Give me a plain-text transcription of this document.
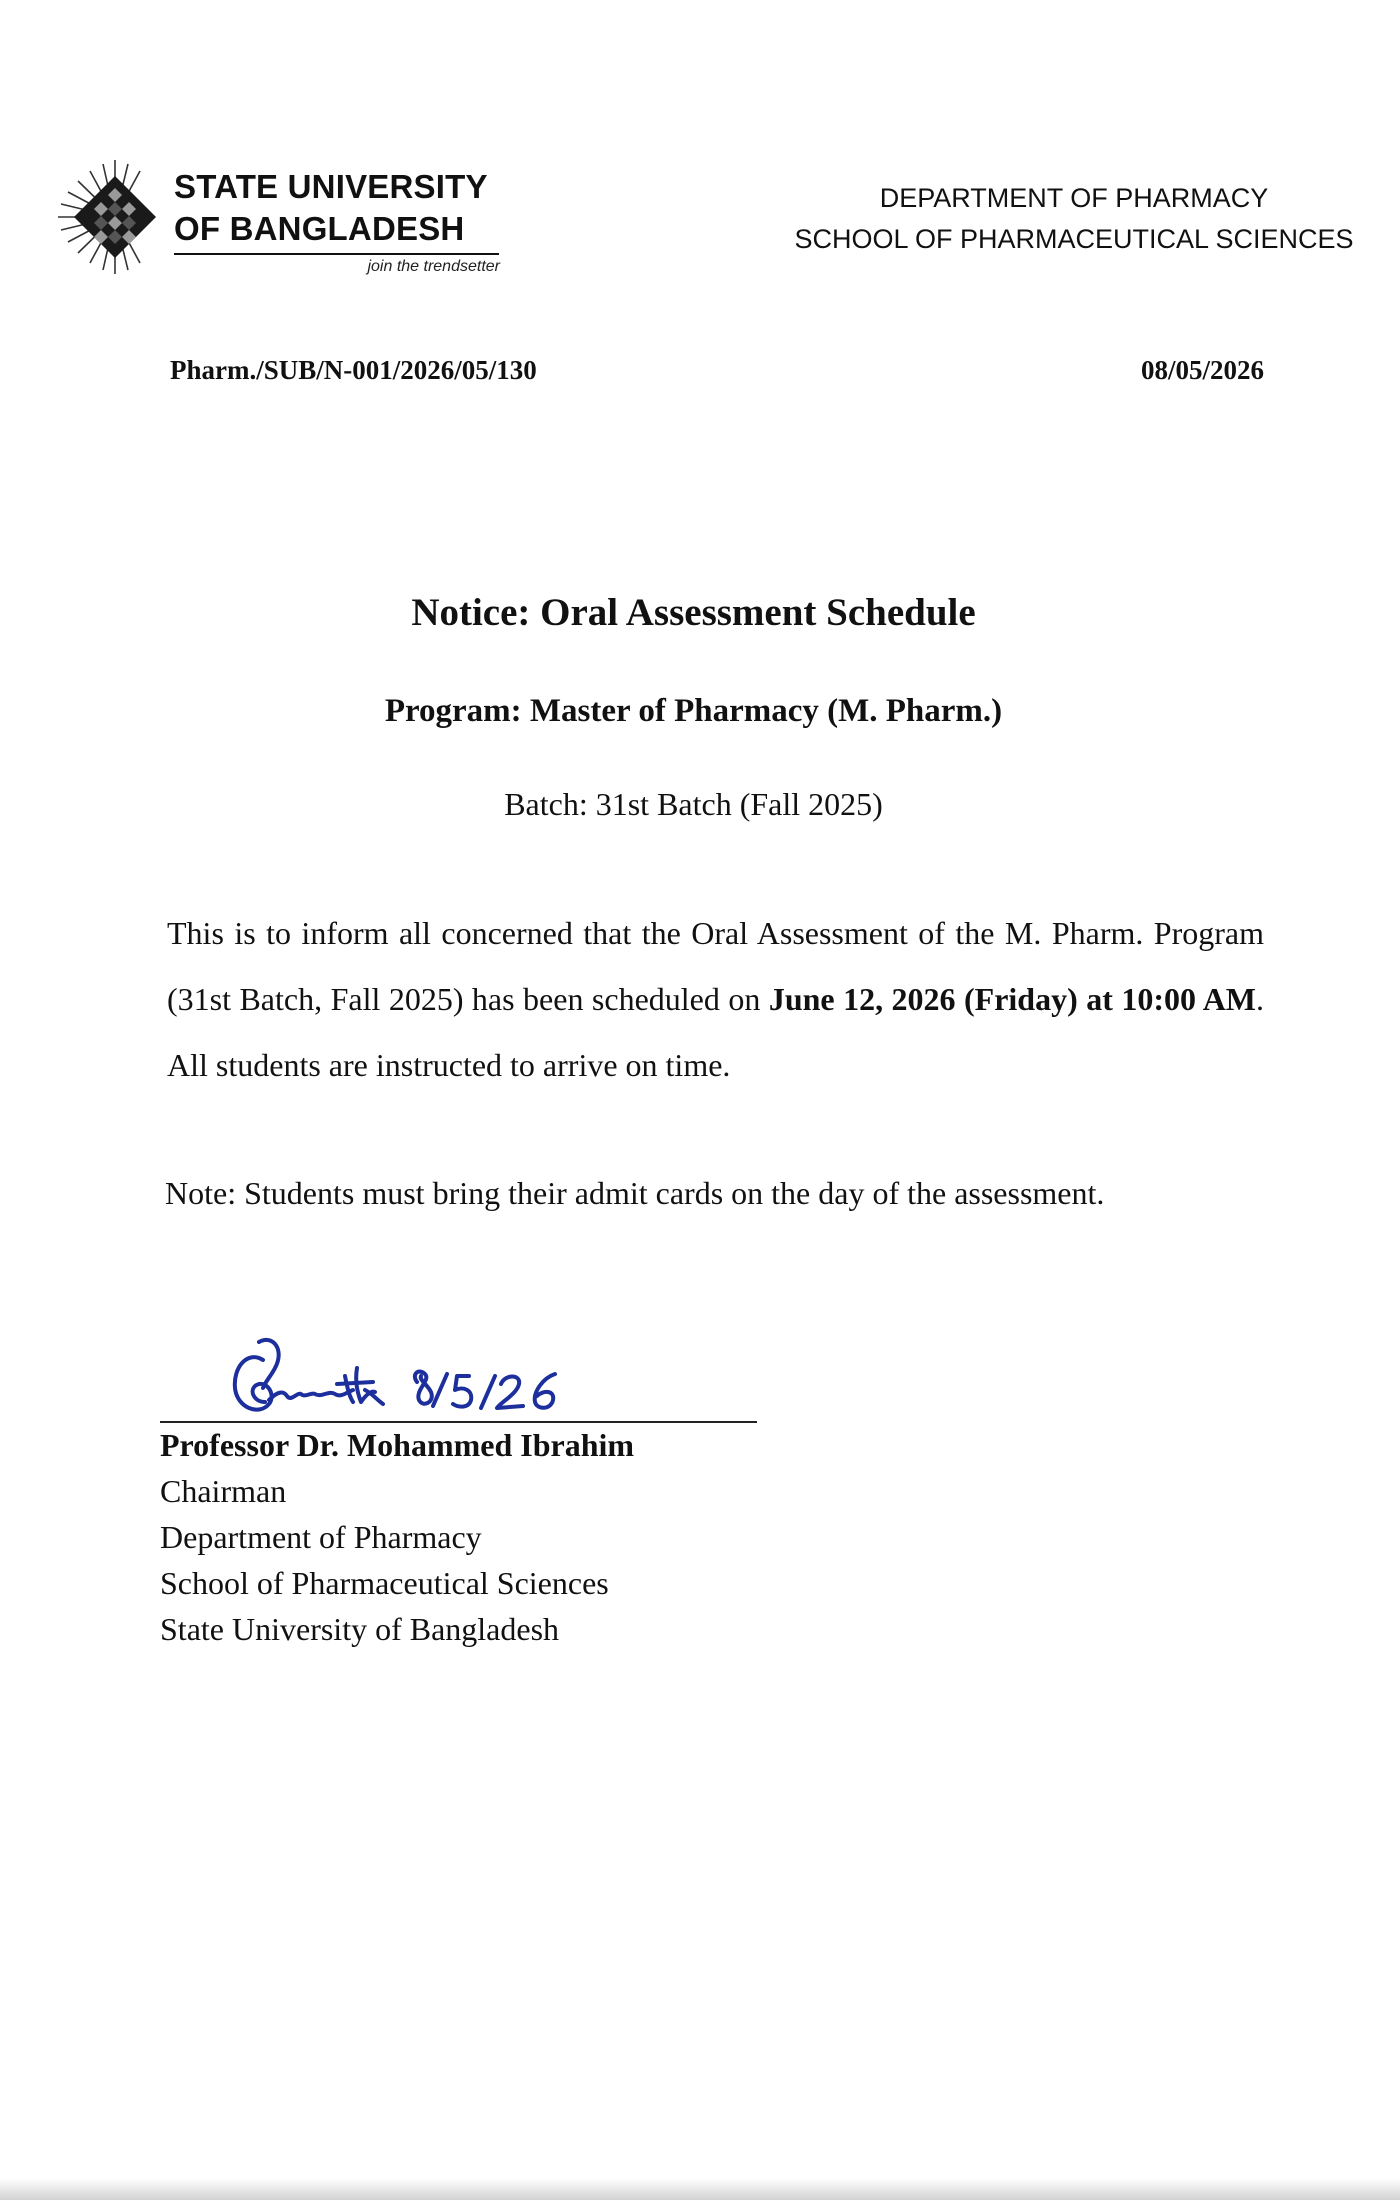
STATE UNIVERSITY
OF BANGLADESH
join the trendsetter
DEPARTMENT OF PHARMACY
SCHOOL OF PHARMACEUTICAL SCIENCES
Pharm./SUB/N-001/2026/05/130	08/05/2026
Notice: Oral Assessment Schedule
Program: Master of Pharmacy (M. Pharm.)
Batch: 31st Batch (Fall 2025)
This is to inform all concerned that the Oral Assessment of the M. Pharm. Program (31st Batch, Fall 2025) has been scheduled on June 12, 2026 (Friday) at 10:00 AM. All students are instructed to arrive on time.
Note: Students must bring their admit cards on the day of the assessment.
Professor Dr. Mohammed Ibrahim
Chairman
Department of Pharmacy
School of Pharmaceutical Sciences
State University of Bangladesh
